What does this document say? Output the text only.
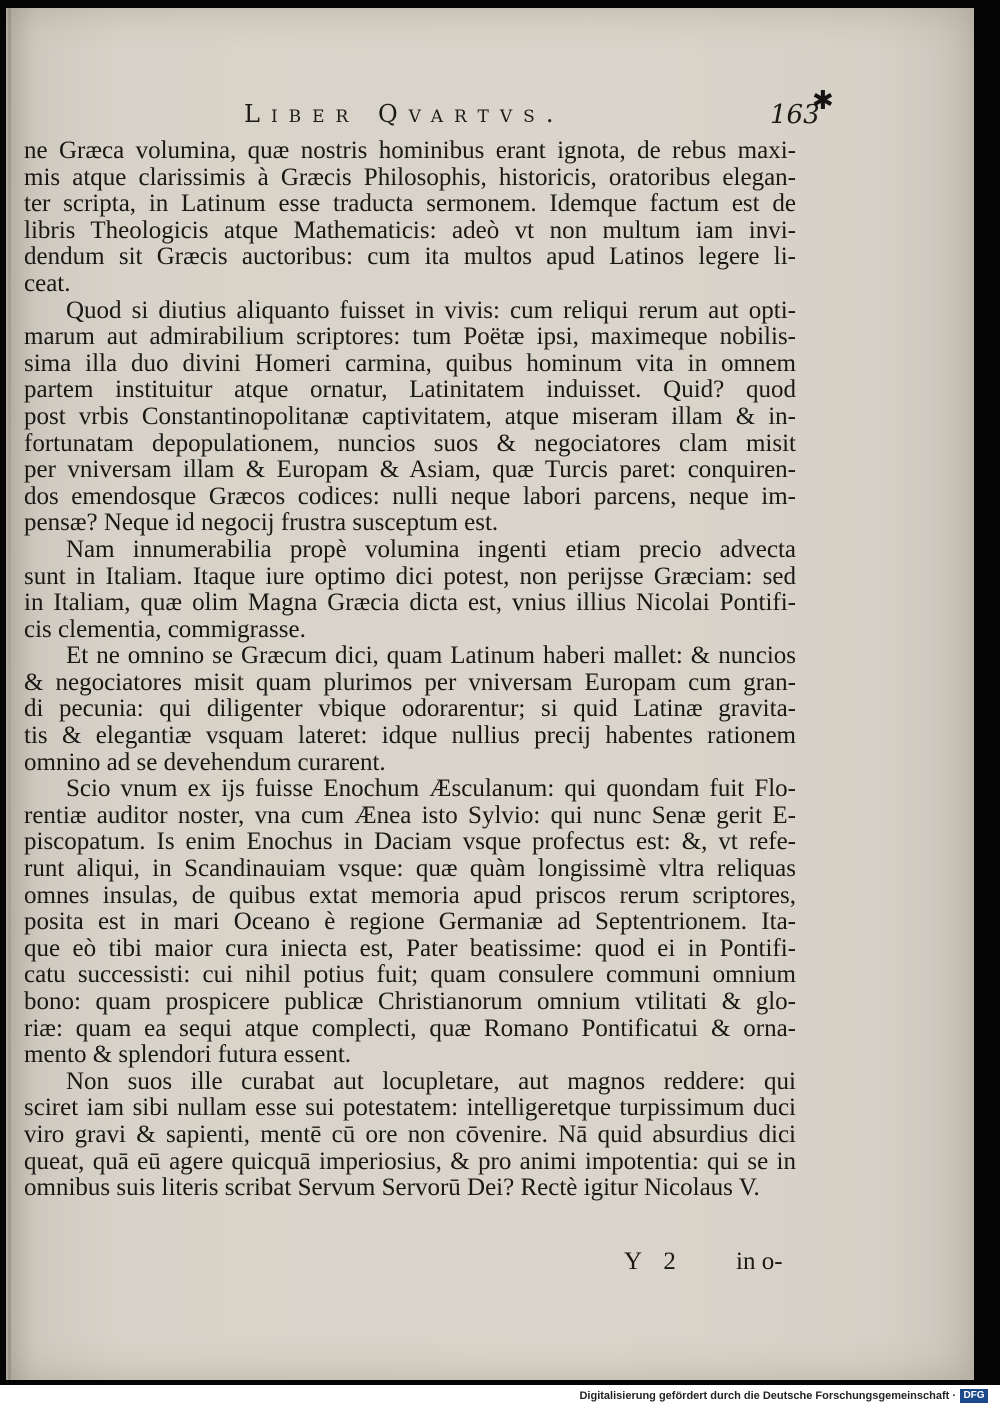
Liber Qvartvs.	163
✱
ne Græca volumina, quæ nostris hominibus erant ignota, de rebus maxi-
mis atque clarissimis à Græcis Philosophis, historicis, oratoribus elegan-
ter scripta, in Latinum esse traducta sermonem. Idemque factum est de
libris Theologicis atque Mathematicis: adeò vt non multum iam invi-
dendum sit Græcis auctoribus: cum ita multos apud Latinos legere li-
ceat.
Quod si diutius aliquanto fuisset in vivis: cum reliqui rerum aut opti-
marum aut admirabilium scriptores: tum Poëtæ ipsi, maximeque nobilis-
sima illa duo divini Homeri carmina, quibus hominum vita in omnem
partem instituitur atque ornatur, Latinitatem induisset. Quid? quod
post vrbis Constantinopolitanæ captivitatem, atque miseram illam & in-
fortunatam depopulationem, nuncios suos & negociatores clam misit
per vniversam illam & Europam & Asiam, quæ Turcis paret: conquiren-
dos emendosque Græcos codices: nulli neque labori parcens, neque im-
pensæ? Neque id negocij frustra susceptum est.
Nam innumerabilia propè volumina ingenti etiam precio advecta
sunt in Italiam. Itaque iure optimo dici potest, non perijsse Græciam: sed
in Italiam, quæ olim Magna Græcia dicta est, vnius illius Nicolai Pontifi-
cis clementia, commigrasse.
Et ne omnino se Græcum dici, quam Latinum haberi mallet: & nuncios
& negociatores misit quam plurimos per vniversam Europam cum gran-
di pecunia: qui diligenter vbique odorarentur; si quid Latinæ gravita-
tis & elegantiæ vsquam lateret: idque nullius precij habentes rationem
omnino ad se devehendum curarent.
Scio vnum ex ijs fuisse Enochum Æsculanum: qui quondam fuit Flo-
rentiæ auditor noster, vna cum Ænea isto Sylvio: qui nunc Senæ gerit E-
piscopatum. Is enim Enochus in Daciam vsque profectus est: &, vt refe-
runt aliqui, in Scandinauiam vsque: quæ quàm longissimè vltra reliquas
omnes insulas, de quibus extat memoria apud priscos rerum scriptores,
posita est in mari Oceano è regione Germaniæ ad Septentrionem. Ita-
que eò tibi maior cura iniecta est, Pater beatissime: quod ei in Pontifi-
catu successisti: cui nihil potius fuit; quam consulere communi omnium
bono: quam prospicere publicæ Christianorum omnium vtilitati & glo-
riæ: quam ea sequi atque complecti, quæ Romano Pontificatui & orna-
mento & splendori futura essent.
Non suos ille curabat aut locupletare, aut magnos reddere: qui
sciret iam sibi nullam esse sui potestatem: intelligeretque turpissimum duci
viro gravi & sapienti, mentē cū ore non cōvenire. Nā quid absurdius dici
queat, quā eū agere quicquā imperiosius, & pro animi impotentia: qui se in
omnibus suis literis scribat Servum Servorū Dei? Rectè igitur Nicolaus V.
Y 2 in o-
Digitalisierung gefördert durch die Deutsche Forschungsgemeinschaft · DFG
